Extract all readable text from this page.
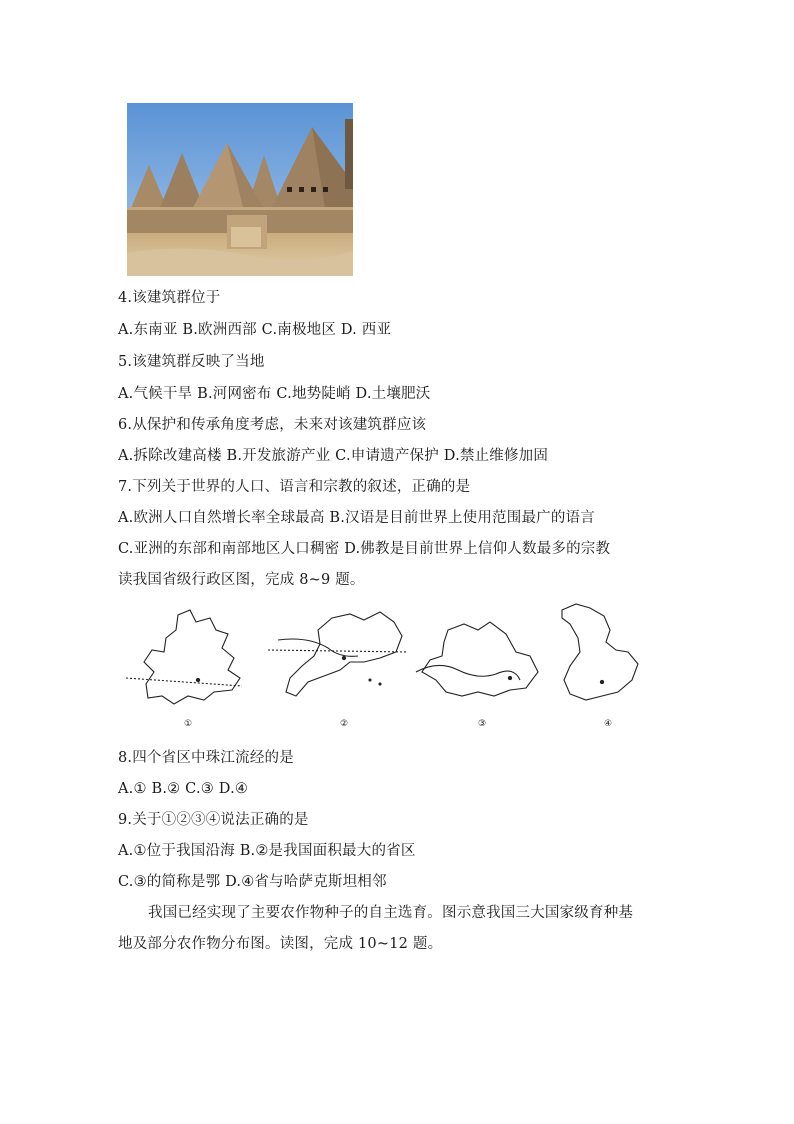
4.该建筑群位于
A.东南亚 B.欧洲西部 C.南极地区 D. 西亚
5.该建筑群反映了当地
A.气候干旱 B.河网密布 C.地势陡峭 D.土壤肥沃
6.从保护和传承角度考虑，未来对该建筑群应该
A.拆除改建高楼 B.开发旅游产业 C.申请遗产保护 D.禁止维修加固
7.下列关于世界的人口、语言和宗教的叙述，正确的是
A.欧洲人口自然增长率全球最高 B.汉语是目前世界上使用范围最广的语言
C.亚洲的东部和南部地区人口稠密 D.佛教是目前世界上信仰人数最多的宗教
读我国省级行政区图，完成 8~9 题。
①	②	③	④
8.四个省区中珠江流经的是
A.① B.② C.③ D.④
9.关于①②③④说法正确的是
A.①位于我国沿海 B.②是我国面积最大的省区
C.③的简称是鄂 D.④省与哈萨克斯坦相邻
我国已经实现了主要农作物种子的自主选育。图示意我国三大国家级育种基
地及部分农作物分布图。读图，完成 10~12 题。
